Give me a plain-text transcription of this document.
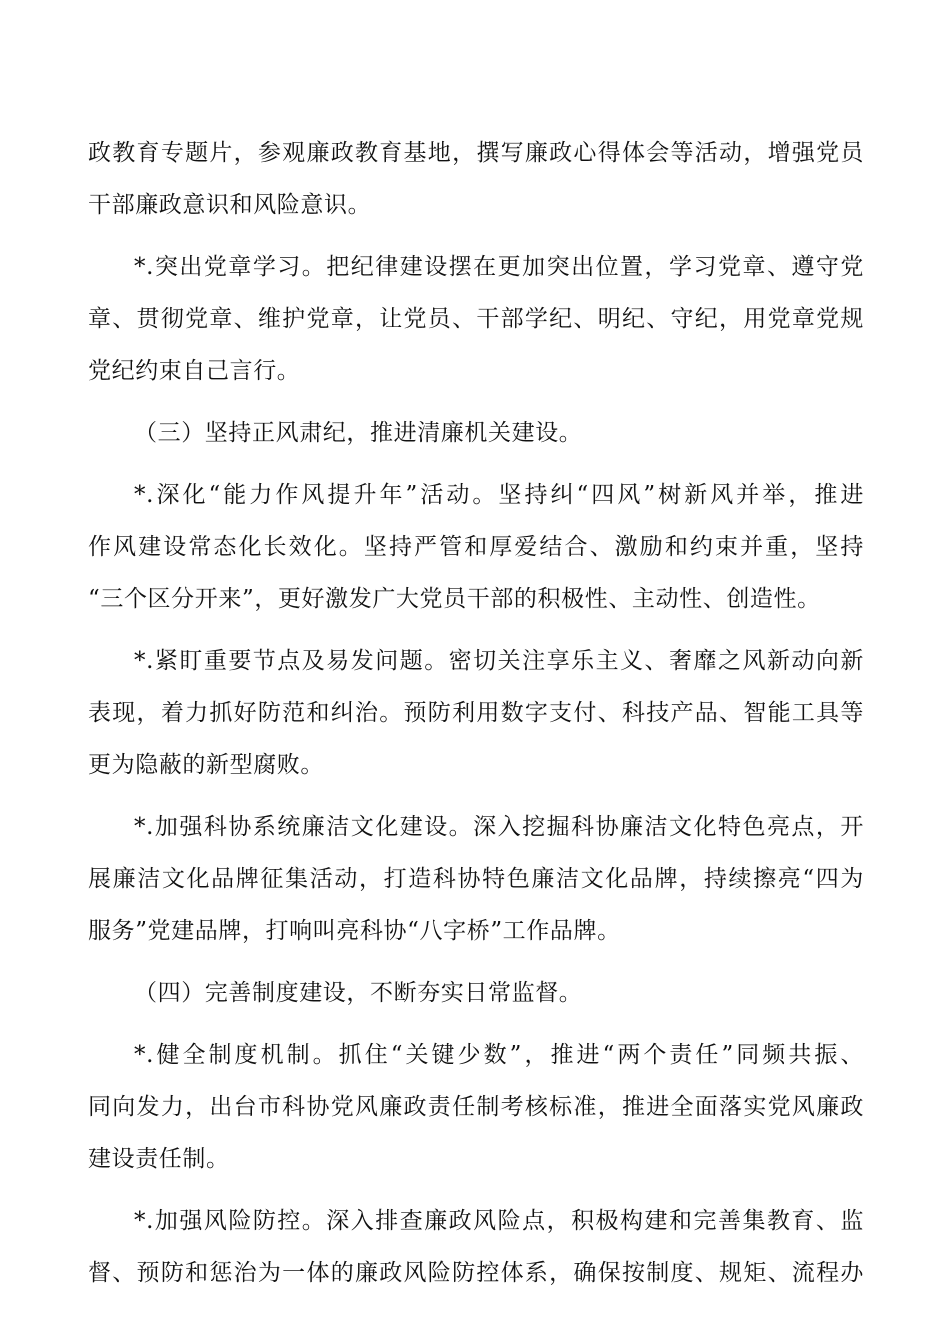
政教育专题片，参观廉政教育基地，撰写廉政心得体会等活动，增强党员
干部廉政意识和风险意识。
*.突出党章学习。把纪律建设摆在更加突出位置，学习党章、遵守党
章、贯彻党章、维护党章，让党员、干部学纪、明纪、守纪，用党章党规
党纪约束自己言行。
（三）坚持正风肃纪，推进清廉机关建设。
*.深化“能力作风提升年”活动。坚持纠“四风”树新风并举，推进
作风建设常态化长效化。坚持严管和厚爱结合、激励和约束并重，坚持
“三个区分开来”，更好激发广大党员干部的积极性、主动性、创造性。
*.紧盯重要节点及易发问题。密切关注享乐主义、奢靡之风新动向新
表现，着力抓好防范和纠治。预防利用数字支付、科技产品、智能工具等
更为隐蔽的新型腐败。
*.加强科协系统廉洁文化建设。深入挖掘科协廉洁文化特色亮点，开
展廉洁文化品牌征集活动，打造科协特色廉洁文化品牌，持续擦亮“四为
服务”党建品牌，打响叫亮科协“八字桥”工作品牌。
（四）完善制度建设，不断夯实日常监督。
*.健全制度机制。抓住“关键少数”，推进“两个责任”同频共振、
同向发力，出台市科协党风廉政责任制考核标准，推进全面落实党风廉政
建设责任制。
*.加强风险防控。深入排查廉政风险点，积极构建和完善集教育、监
督、预防和惩治为一体的廉政风险防控体系，确保按制度、规矩、流程办
